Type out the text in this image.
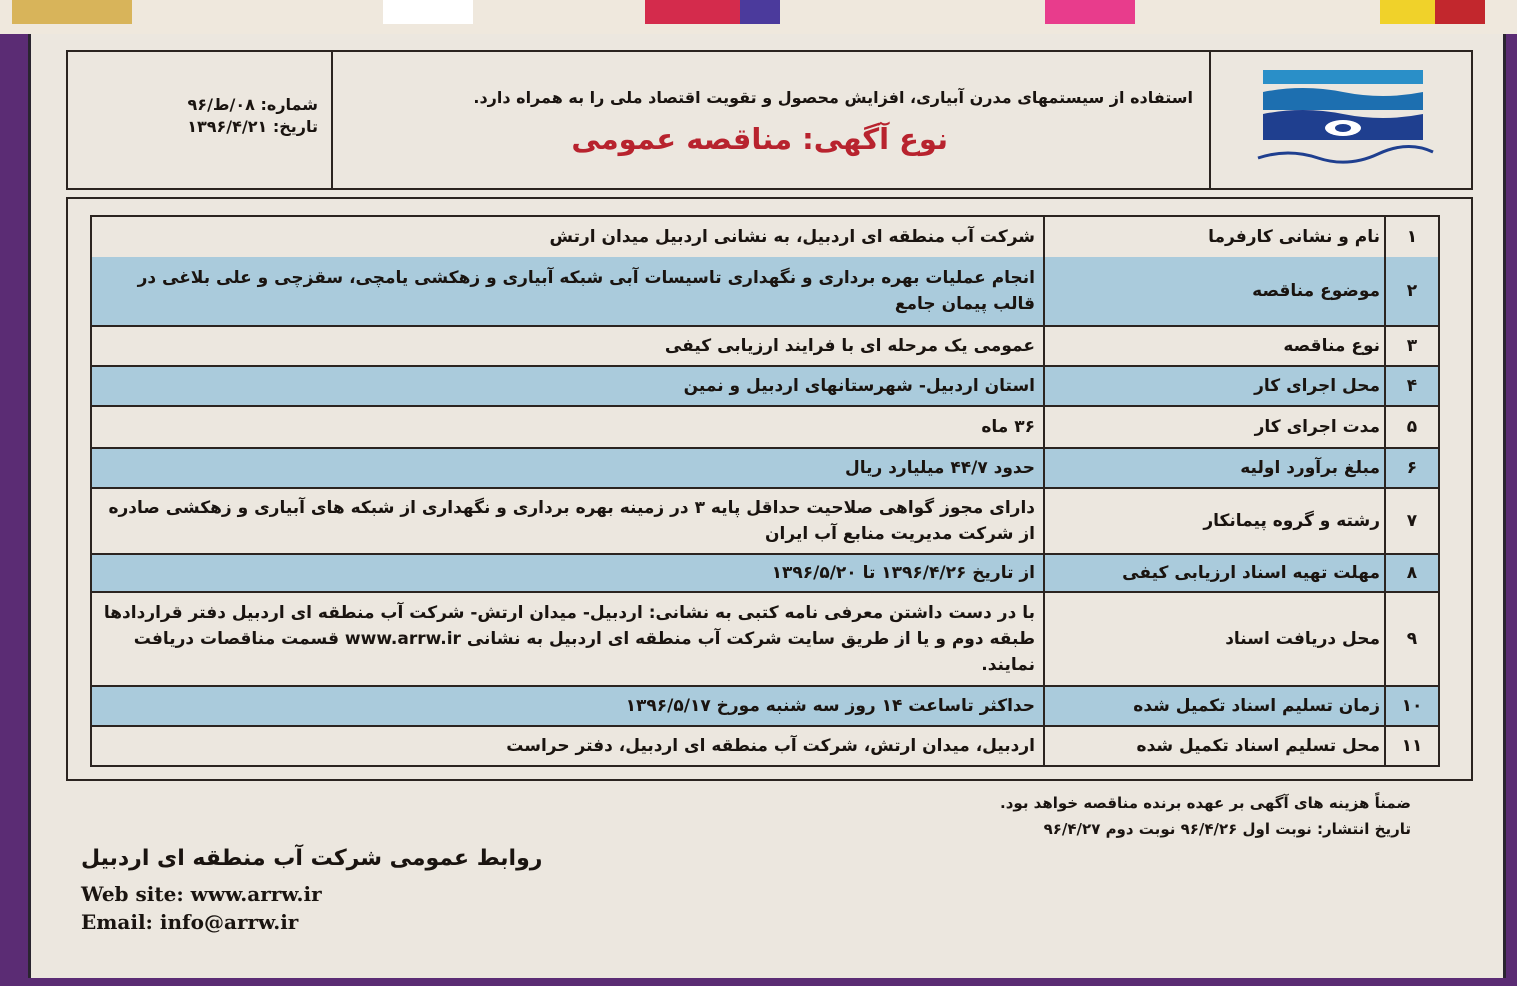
شماره: ۰۸/ط/۹۶
تاریخ: ۱۳۹۶/۴/۲۱
استفاده از سیستمهای مدرن آبیاری، افزایش محصول و تقویت اقتصاد ملی را به همراه دارد.
نوع آگهی: مناقصه عمومی
۱
نام و نشانی کارفرما
شرکت آب منطقه ای اردبیل، به نشانی اردبیل میدان ارتش
۲
موضوع مناقصه
انجام عملیات بهره برداری و نگهداری تاسیسات آبی شبکه آبیاری و زهکشی یامچی، سقزچی و علی بلاغی در قالب پیمان جامع
۳
نوع مناقصه
عمومی یک مرحله ای با فرایند ارزیابی کیفی
۴
محل اجرای کار
استان اردبیل- شهرستانهای اردبیل و نمین
۵
مدت اجرای کار
۳۶ ماه
۶
مبلغ برآورد اولیه
حدود ۴۴/۷ میلیارد ریال
۷
رشته و گروه پیمانکار
دارای مجوز گواهی صلاحیت حداقل پایه ۳ در زمینه بهره برداری و نگهداری از شبکه های آبیاری و زهکشی صادره از شرکت مدیریت منابع آب ایران
۸
مهلت تهیه اسناد ارزیابی کیفی
از تاریخ ۱۳۹۶/۴/۲۶ تا ۱۳۹۶/۵/۲۰
۹
محل دریافت اسناد
با در دست داشتن معرفی نامه کتبی به نشانی: اردبیل- میدان ارتش- شرکت آب منطقه ای اردبیل دفتر قراردادها طبقه دوم و یا از طریق سایت شرکت آب منطقه ای اردبیل به نشانی www.arrw.ir قسمت مناقصات دریافت نمایند.
۱۰
زمان تسلیم اسناد تکمیل شده
حداکثر تاساعت ۱۴ روز سه شنبه مورخ ۱۳۹۶/۵/۱۷
۱۱
محل تسلیم اسناد تکمیل شده
اردبیل، میدان ارتش، شرکت آب منطقه ای اردبیل، دفتر حراست
ضمناً هزینه های آگهی بر عهده برنده مناقصه خواهد بود.
تاریخ انتشار: نوبت اول ۹۶/۴/۲۶ نوبت دوم ۹۶/۴/۲۷
روابط عمومی شرکت آب منطقه ای اردبیل
Web site: www.arrw.ir
Email: info@arrw.ir
